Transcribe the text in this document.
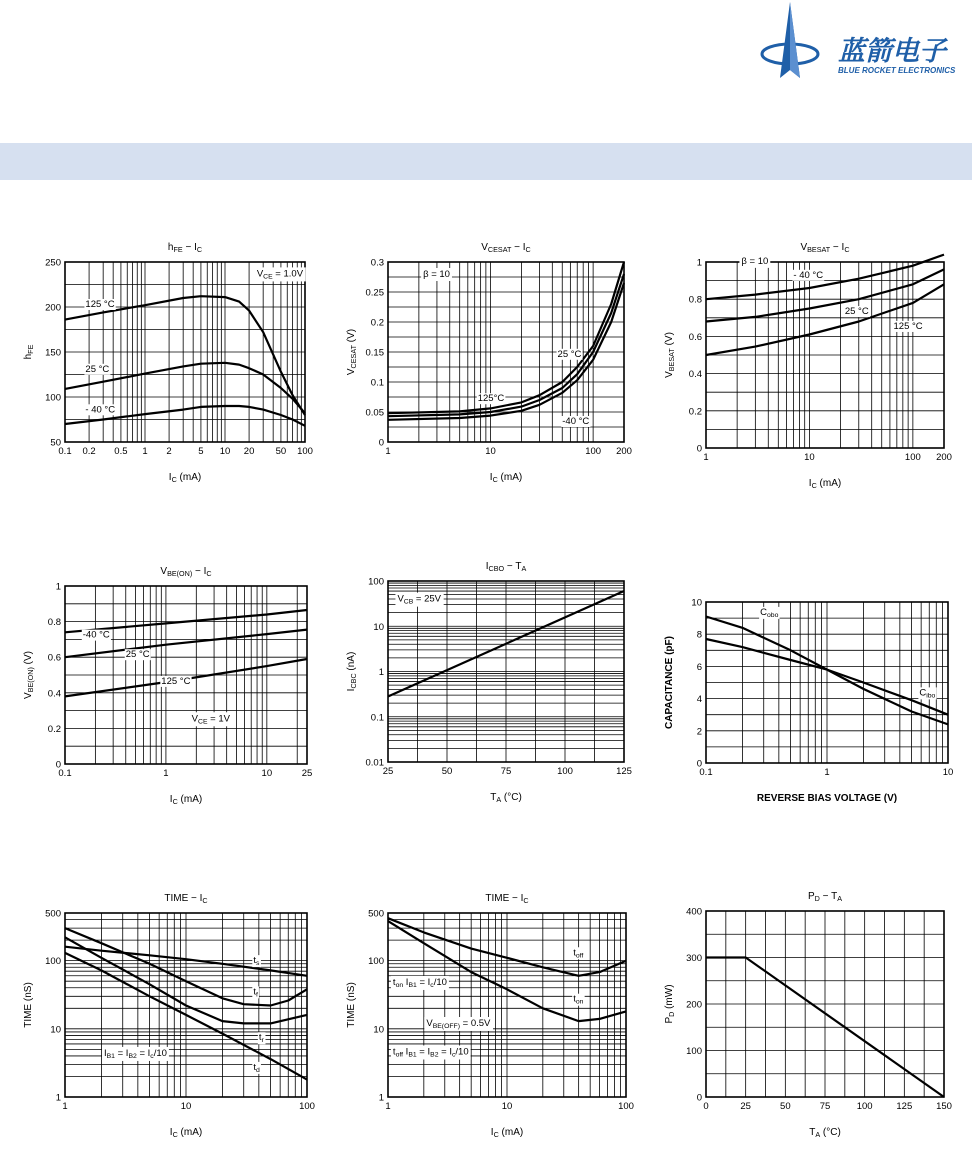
蓝箭电子
BLUE ROCKET ELECTRONICS
0.1 0.2 0.5 1 2	5 10 20 50 100
50
100
150
200
250
$V_{CE} = 1.0V$
125 °C
25 °C
- 40 °C
$h_{FE} - I_C$
$I_C$ (mA)
$h_{FE}$
1	10	100 200
0
0.05
0.1
0.15
0.2
0.25
0.3
β = 10
25 °C
125°C
-40 °C
$V_{CESAT} - I_C$
$I_C$ (mA)
$V_{CESAT}$ (V)
1	10	100 200
0
0.2
0.4
0.6
0.8
1	β = 10
- 40 °C
25 °C
125 °C
$V_{BESAT} - I_C$
$I_C$ (mA)
$V_{BESAT}$ (V)
0.1	1	10	25
0
0.2
0.4
0.6
0.8
1
-40 °C
25 °C
125 °C
$V_{CE} = 1V$
$V_{BE(ON)} - I_C$
$I_C$ (mA)
$V_{BE(ON)}$ (V)
25	50	75	100	125
0.01
0.1
1
10
100
$V_{CB} = 25V$
$I_{CBO} - T_A$
$T_A$ (°C)
$I_{CBC}$ (nA)
0.1	1	10
0
2
4
6
8
10
$C_{obo}$
$C_{ibo}$
REVERSE BIAS VOLTAGE (V)
CAPACITANCE (pF)
1	10	100
1
10
100
500
$t_s$
$t_f$
$t_r$
$t_d$
$I_{B1} = I_{B2} = I_c/10$
TIME − $I_C$
$I_C$ (mA)
TIME (nS)
1	10	100
1
10
100
500
$t_{off}$
$t_{on}$
$t_{on}$ $I_{B1} = I_c/10$
$V_{BE(OFF)} = 0.5V$
$t_{off}$ $I_{B1} = I_{B2} = I_c/10$
TIME − $I_C$
$I_C$ (mA)
TIME (nS)
0	25	50	75	100	125	150
0
100
200
300
400
$P_D - T_A$
$T_A$ (°C)
$P_D$ (mW)
